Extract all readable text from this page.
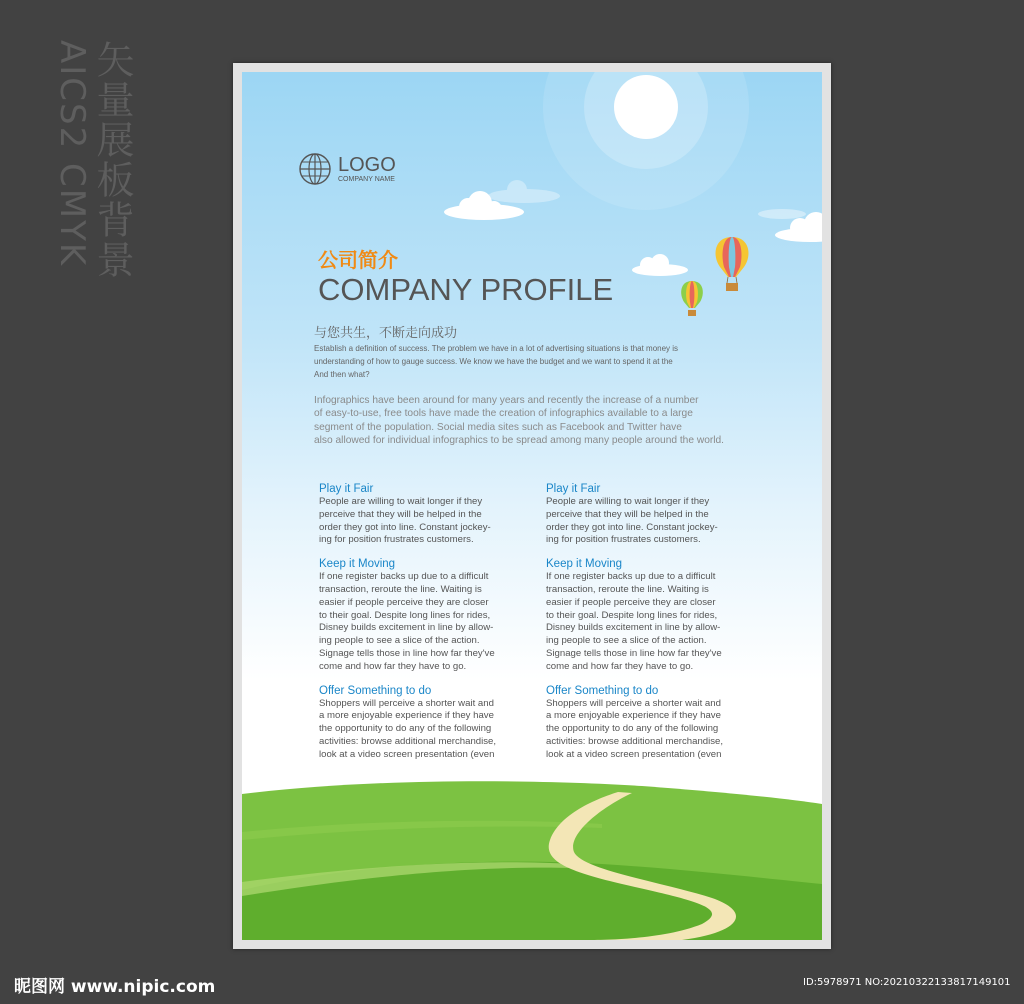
矢量展板背景
AICS2 CMYK	LOGO
COMPANY NAME
公司简介
COMPANY PROFILE
与您共生，不断走向成功
Establish a definition of success. The problem we have in a lot of advertising situations is that money is
understanding of how to gauge success. We know we have the budget and we want to spend it at the
And then what?
Infographics have been around for many years and recently the increase of a number
of easy-to-use, free tools have made the creation of infographics available to a large
segment of the population. Social media sites such as Facebook and Twitter have
also allowed for individual infographics to be spread among many people around the world.
Play it Fair
People are willing to wait longer if they
perceive that they will be helped in the
order they got into line. Constant jockey-
ing for position frustrates customers.
Keep it Moving
If one register backs up due to a difficult
transaction, reroute the line. Waiting is
easier if people perceive they are closer
to their goal. Despite long lines for rides,
Disney builds excitement in line by allow-
ing people to see a slice of the action.
Signage tells those in line how far they've
come and how far they have to go.
Offer Something to do
Shoppers will perceive a shorter wait and
a more enjoyable experience if they have
the opportunity to do any of the following
activities: browse additional merchandise,
look at a video screen presentation (even
Play it Fair
People are willing to wait longer if they
perceive that they will be helped in the
order they got into line. Constant jockey-
ing for position frustrates customers.
Keep it Moving
If one register backs up due to a difficult
transaction, reroute the line. Waiting is
easier if people perceive they are closer
to their goal. Despite long lines for rides,
Disney builds excitement in line by allow-
ing people to see a slice of the action.
Signage tells those in line how far they've
come and how far they have to go.
Offer Something to do
Shoppers will perceive a shorter wait and
a more enjoyable experience if they have
the opportunity to do any of the following
activities: browse additional merchandise,
look at a video screen presentation (even
昵图网 www.nipic.com	ID:5978971 NO:20210322133817149101
